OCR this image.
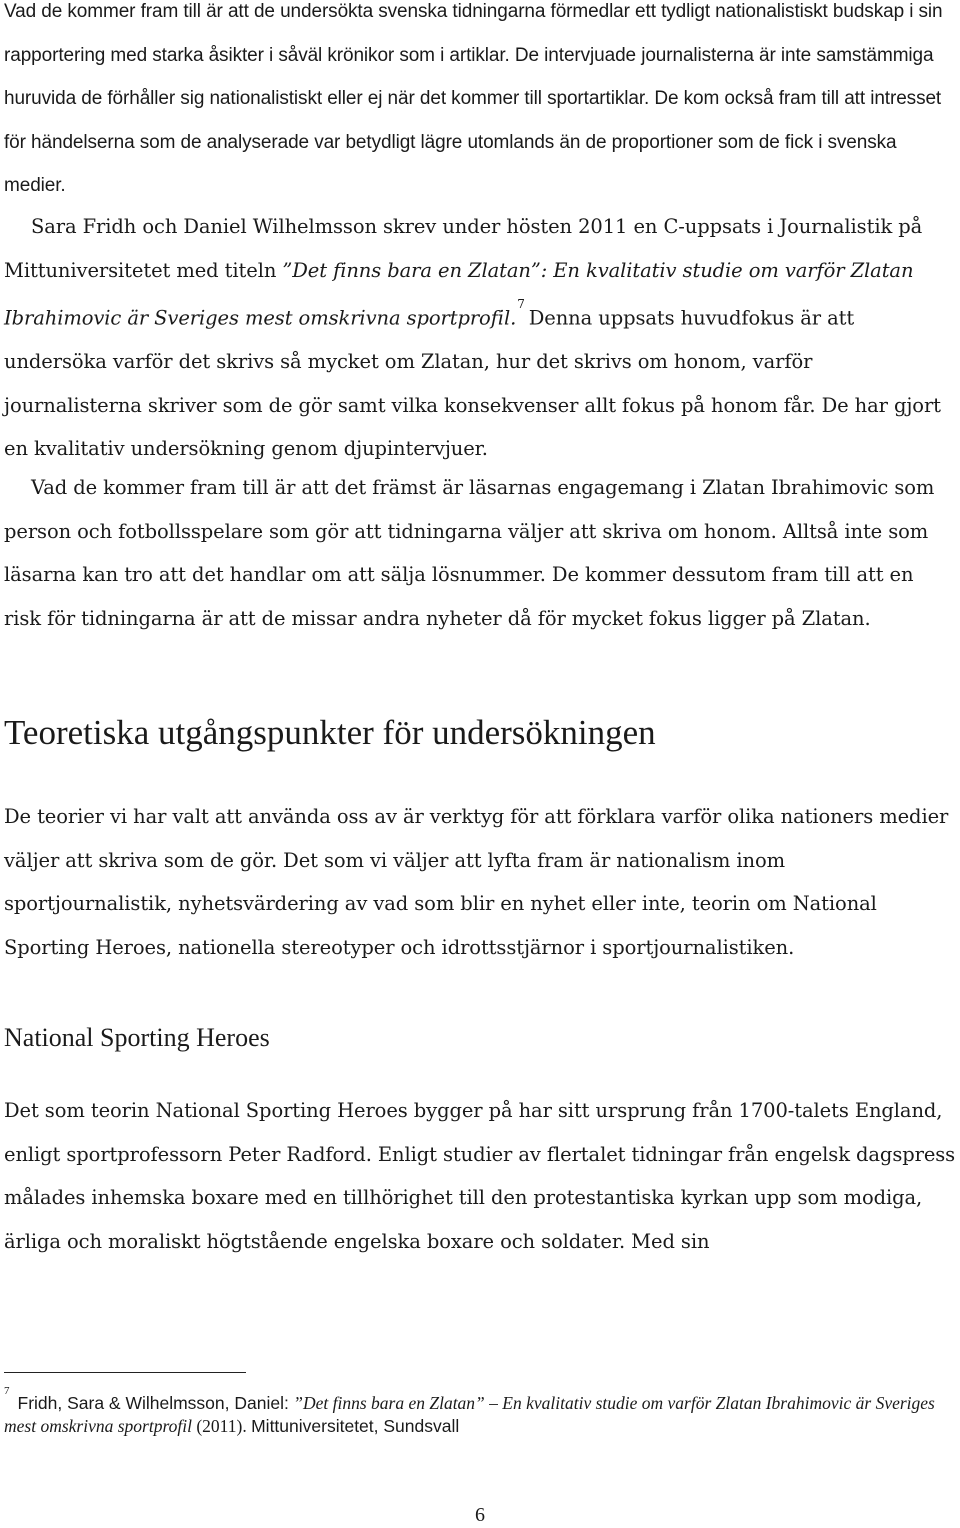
Vad de kommer fram till är att de undersökta svenska tidningarna förmedlar ett tydligt nationalistiskt budskap i sin rapportering med starka åsikter i såväl krönikor som i artiklar. De intervjuade journalisterna är inte samstämmiga huruvida de förhåller sig nationalistiskt eller ej när det kommer till sportartiklar. De kom också fram till att intresset för händelserna som de analyserade var betydligt lägre utomlands än de proportioner som de fick i svenska medier.

Sara Fridh och Daniel Wilhelmsson skrev under hösten 2011 en C-uppsats i Journalistik på Mittuniversitetet med titeln ”Det finns bara en Zlatan”: En kvalitativ studie om varför Zlatan Ibrahimovic är Sveriges mest omskrivna sportprofil.$^7$Denna uppsats huvudfokus är att undersöka varför det skrivs så mycket om Zlatan, hur det skrivs om honom, varför journalisterna skriver som de gör samt vilka konsekvenser allt fokus på honom får. De har gjort en kvalitativ undersökning genom djupintervjuer.

Vad de kommer fram till är att det främst är läsarnas engagemang i Zlatan Ibrahimovic som person och fotbollsspelare som gör att tidningarna väljer att skriva om honom. Alltså inte som läsarna kan tro att det handlar om att sälja lösnummer. De kommer dessutom fram till att en risk för tidningarna är att de missar andra nyheter då för mycket fokus ligger på Zlatan.

Teoretiska utgångspunkter för undersökningen

De teorier vi har valt att använda oss av är verktyg för att förklara varför olika nationers medier väljer att skriva som de gör. Det som vi väljer att lyfta fram är nationalism inom sportjournalistik, nyhetsvärdering av vad som blir en nyhet eller inte, teorin om National Sporting Heroes, nationella stereotyper och idrottsstjärnor i sportjournalistiken.

National Sporting Heroes

Det som teorin National Sporting Heroes bygger på har sitt ursprung från 1700-talets England, enligt sportprofessorn Peter Radford. Enligt studier av flertalet tidningar från engelsk dagspress målades inhemska boxare med en tillhörighet till den protestantiska kyrkan upp som modiga, ärliga och moraliskt högtstående engelska boxare och soldater. Med sin

$^7$Fridh, Sara & Wilhelmsson, Daniel: ”Det finns bara en Zlatan” – En kvalitativ studie om varför Zlatan Ibrahimovic är Sveriges mest omskrivna sportprofil (2011). Mittuniversitetet, Sundsvall

6
